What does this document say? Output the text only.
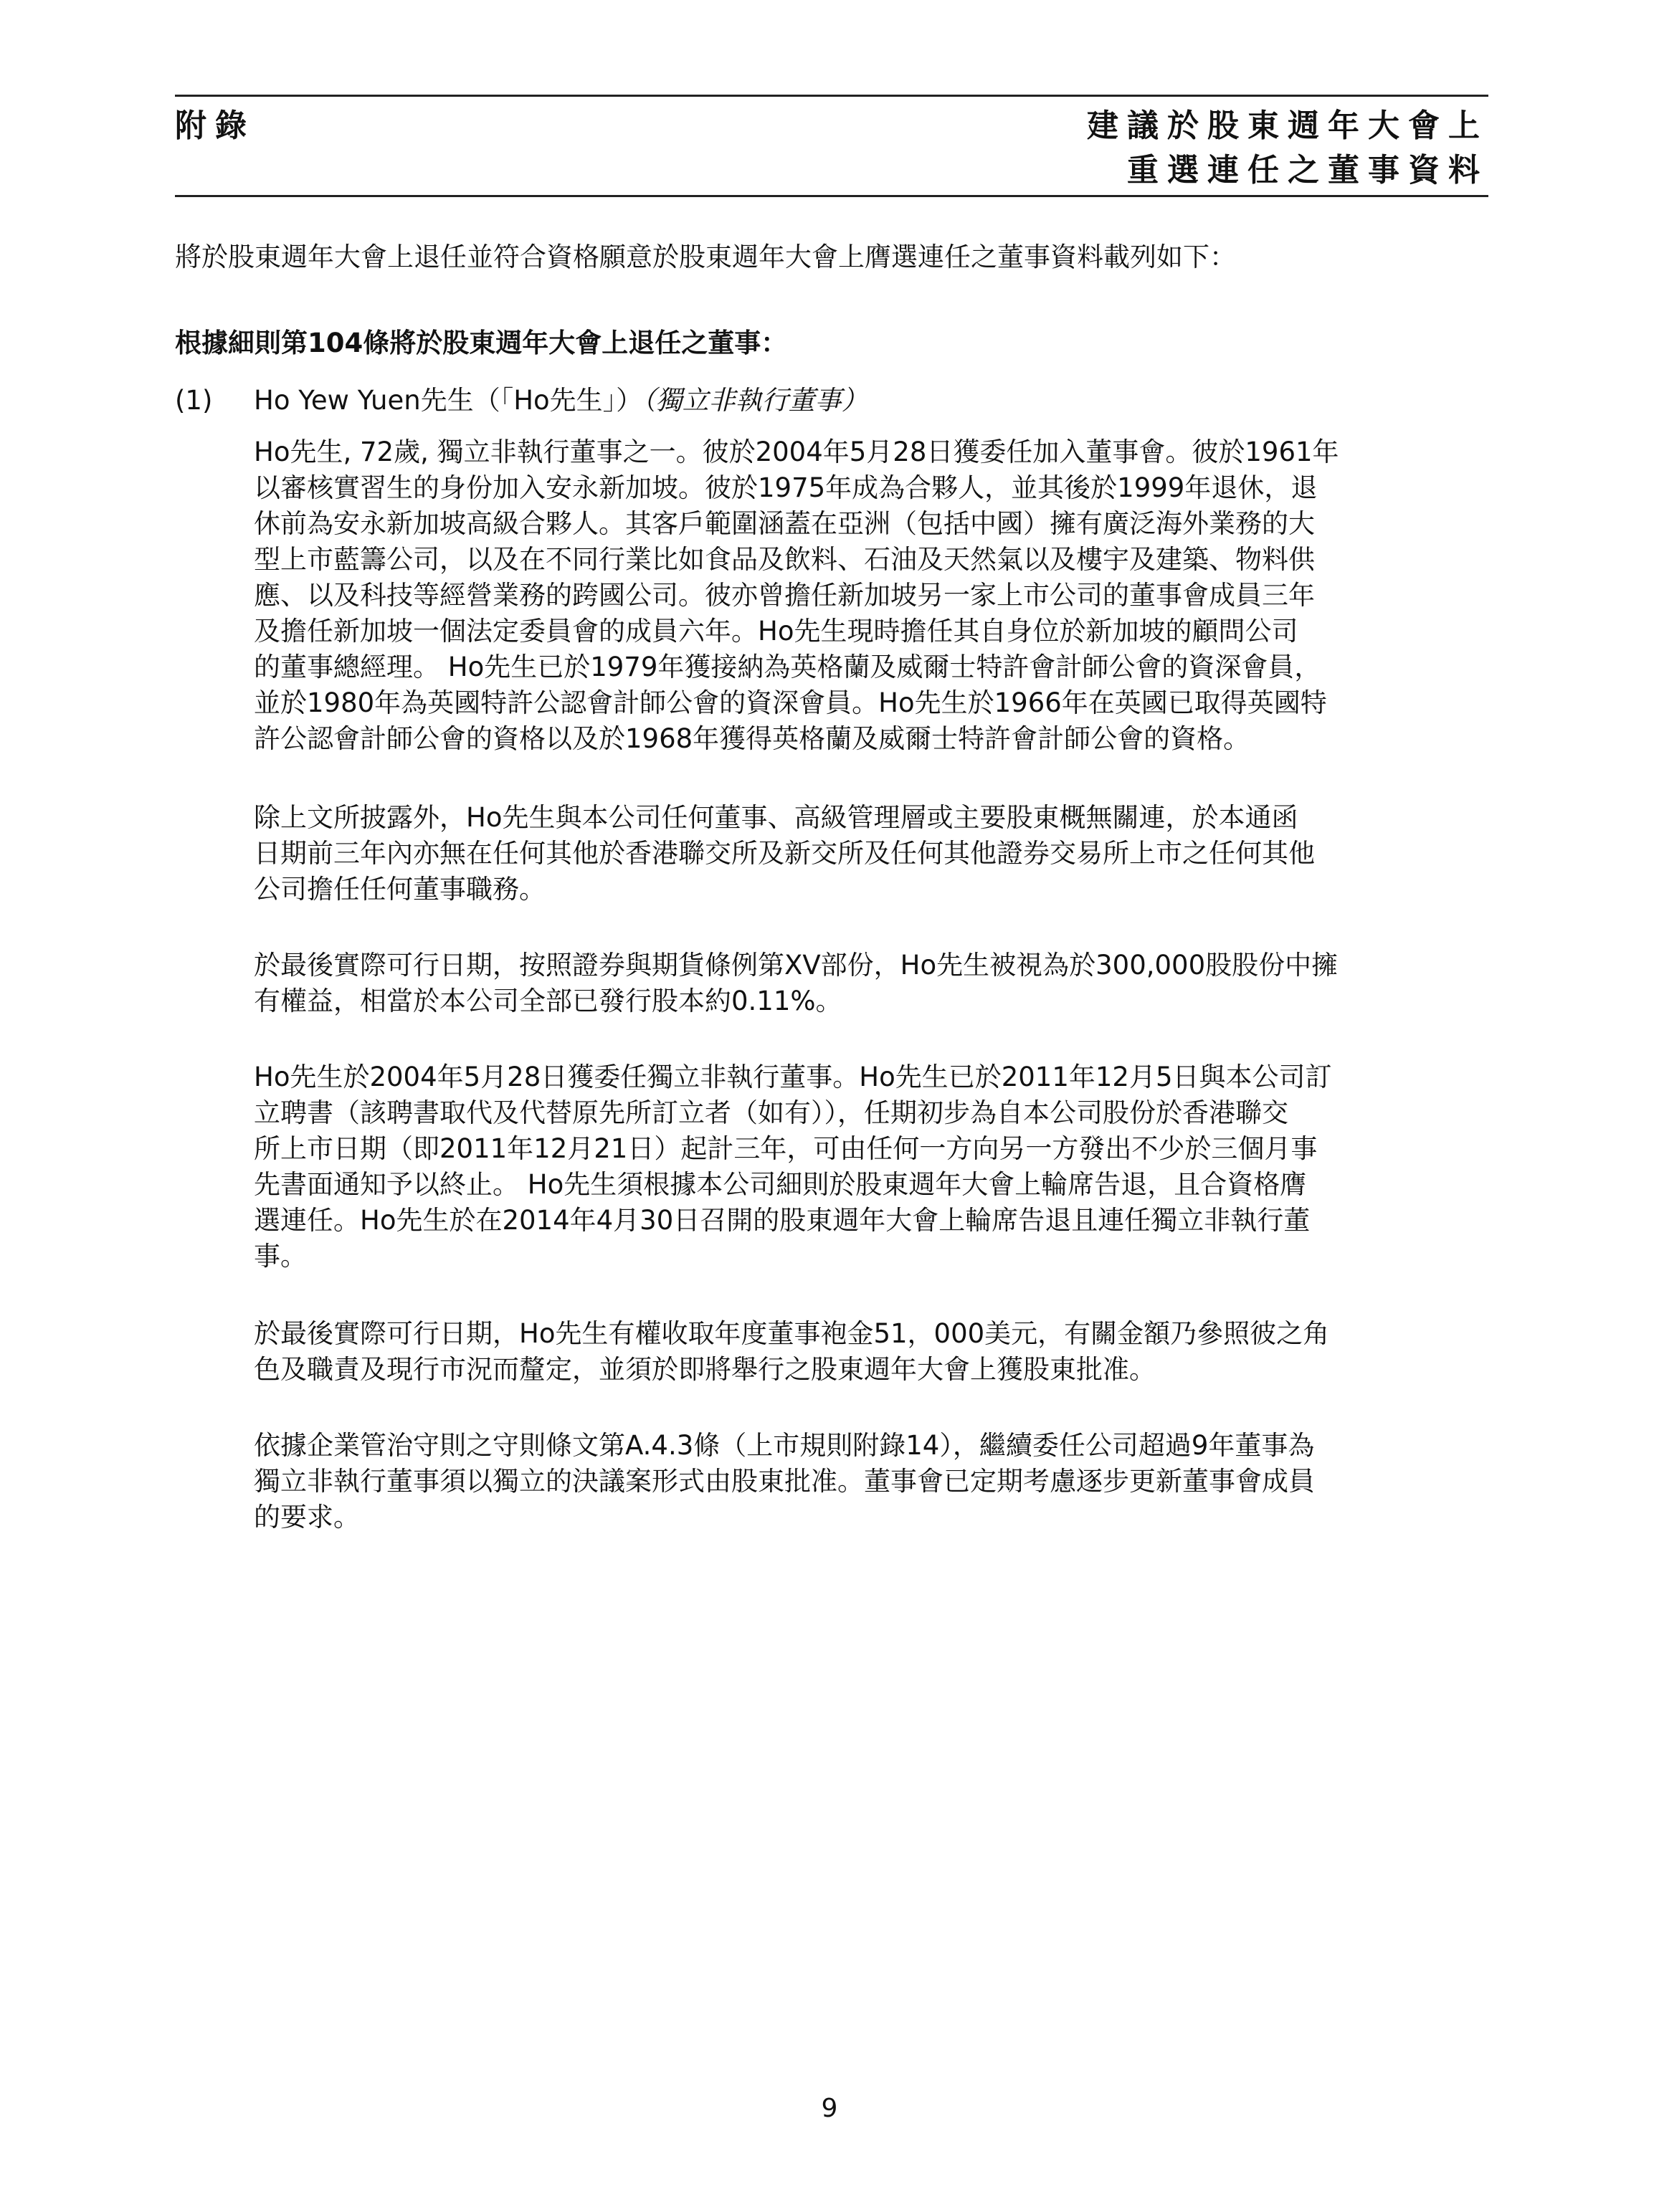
附錄	建議於股東週年大會上
重選連任之董事資料
將於股東週年大會上退任並符合資格願意於股東週年大會上膺選連任之董事資料載列如下：
根據細則第104條將於股東週年大會上退任之董事：
(1) Ho Yew Yuen先生（「Ho先生」）（獨立非執行董事）
Ho先生, 72歲, 獨立非執行董事之一。彼於2004年5月28日獲委任加入董事會。彼於1961年
以審核實習生的身份加入安永新加坡。彼於1975年成為合夥人，並其後於1999年退休，退
休前為安永新加坡高級合夥人。其客戶範圍涵蓋在亞洲（包括中國）擁有廣泛海外業務的大
型上市藍籌公司，以及在不同行業比如食品及飲料、石油及天然氣以及樓宇及建築、物料供
應、以及科技等經營業務的跨國公司。彼亦曾擔任新加坡另一家上市公司的董事會成員三年
及擔任新加坡一個法定委員會的成員六年。Ho先生現時擔任其自身位於新加坡的顧問公司
的董事總經理。 Ho先生已於1979年獲接納為英格蘭及威爾士特許會計師公會的資深會員，
並於1980年為英國特許公認會計師公會的資深會員。Ho先生於1966年在英國已取得英國特
許公認會計師公會的資格以及於1968年獲得英格蘭及威爾士特許會計師公會的資格。
除上文所披露外，Ho先生與本公司任何董事、高級管理層或主要股東概無關連，於本通函
日期前三年內亦無在任何其他於香港聯交所及新交所及任何其他證券交易所上市之任何其他
公司擔任任何董事職務。
於最後實際可行日期，按照證券與期貨條例第XV部份，Ho先生被視為於300,000股股份中擁
有權益，相當於本公司全部已發行股本約0.11%。
Ho先生於2004年5月28日獲委任獨立非執行董事。Ho先生已於2011年12月5日與本公司訂
立聘書（該聘書取代及代替原先所訂立者（如有）），任期初步為自本公司股份於香港聯交
所上市日期（即2011年12月21日）起計三年，可由任何一方向另一方發出不少於三個月事
先書面通知予以終止。 Ho先生須根據本公司細則於股東週年大會上輪席告退，且合資格膺
選連任。Ho先生於在2014年4月30日召開的股東週年大會上輪席告退且連任獨立非執行董
事。
於最後實際可行日期，Ho先生有權收取年度董事袍金51，000美元，有關金額乃參照彼之角
色及職責及現行市況而釐定，並須於即將舉行之股東週年大會上獲股東批准。
依據企業管治守則之守則條文第A.4.3條（上市規則附錄14），繼續委任公司超過9年董事為
獨立非執行董事須以獨立的決議案形式由股東批准。董事會已定期考慮逐步更新董事會成員
的要求。
9
